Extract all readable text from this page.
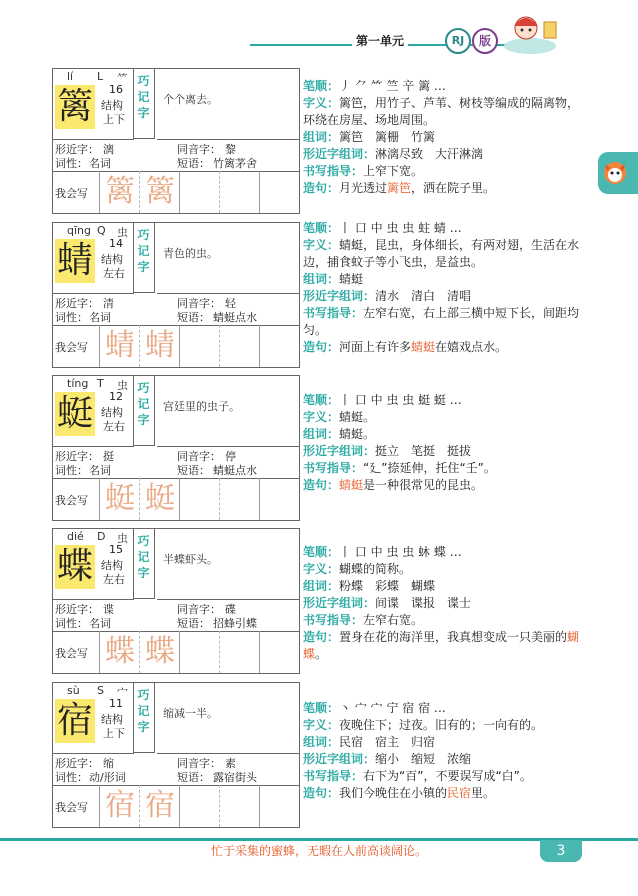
第一单元	RJ	版
lí L ⺮
篱 16
结构
上下
巧
记
字
个个离去。
形近字： 漓	同音字： 黎
词性： 名词	短语： 竹篱茅舍
我会写 篱 篱
笔顺：丿 ⺈ ⺮ 竺 䇂 篱 …
字义：篱笆，用竹子、芦苇、树枝等编成的隔离物，环绕在房屋、场地周围。
组词：篱笆　篱栅　竹篱
形近字组词：淋漓尽致　大汗淋漓
书写指导：上窄下宽。
造句：月光透过篱笆，洒在院子里。
qīng Q 虫
蜻 14
结构
左右
巧
记
字
青色的虫。
形近字： 清	同音字： 轻
词性： 名词	短语： 蜻蜓点水
我会写 蜻 蜻
笔顺：丨 口 中 虫 虫 蛀 蜻 …
字义：蜻蜓，昆虫，身体细长，有两对翅，生活在水边，捕食蚊子等小飞虫，是益虫。
组词：蜻蜓
形近字组词：清水　清白　清唱
书写指导：左窄右宽，右上部三横中短下长，间距均匀。
造句：河面上有许多蜻蜓在嬉戏点水。
tíng T 虫
蜓 12
结构
左右
巧
记
字
宫廷里的虫子。
形近字： 挺	同音字： 停
词性： 名词	短语： 蜻蜓点水
我会写 蜓 蜓
笔顺：丨 口 中 虫 虫 蜓 蜓 …
字义：蜻蜓。
组词：蜻蜓。
形近字组词：挺立　笔挺　挺拔
书写指导：“廴”捺延伸，托住“壬”。
造句：蜻蜓是一种很常见的昆虫。
dié D 虫
蝶 15
结构
左右
巧
记
字
半蝶虾头。
形近字： 谍	同音字： 碟
词性： 名词	短语： 招蜂引蝶
我会写 蝶 蝶
笔顺：丨 口 中 虫 虫 蚞 蝶 …
字义：蝴蝶的简称。
组词：粉蝶　彩蝶　蝴蝶
形近字组词：间谍　谍报　谍士
书写指导：左窄右宽。
造句：置身在花的海洋里，我真想变成一只美丽的蝴蝶。
sù S 宀
宿 11
结构
上下
巧
记
字
缩减一半。
形近字： 缩	同音字： 素
词性： 动/形词	短语： 露宿街头
我会写 宿 宿
笔顺：丶 宀 宀 宁 宿 宿 …
字义：夜晚住下；过夜。旧有的；一向有的。
组词：民宿　宿主　归宿
形近字组词：缩小　缩短　浓缩
书写指导：右下为“百”，不要误写成“白”。
造句：我们今晚住在小镇的民宿里。
忙于采集的蜜蜂，无暇在人前高谈阔论。	3
